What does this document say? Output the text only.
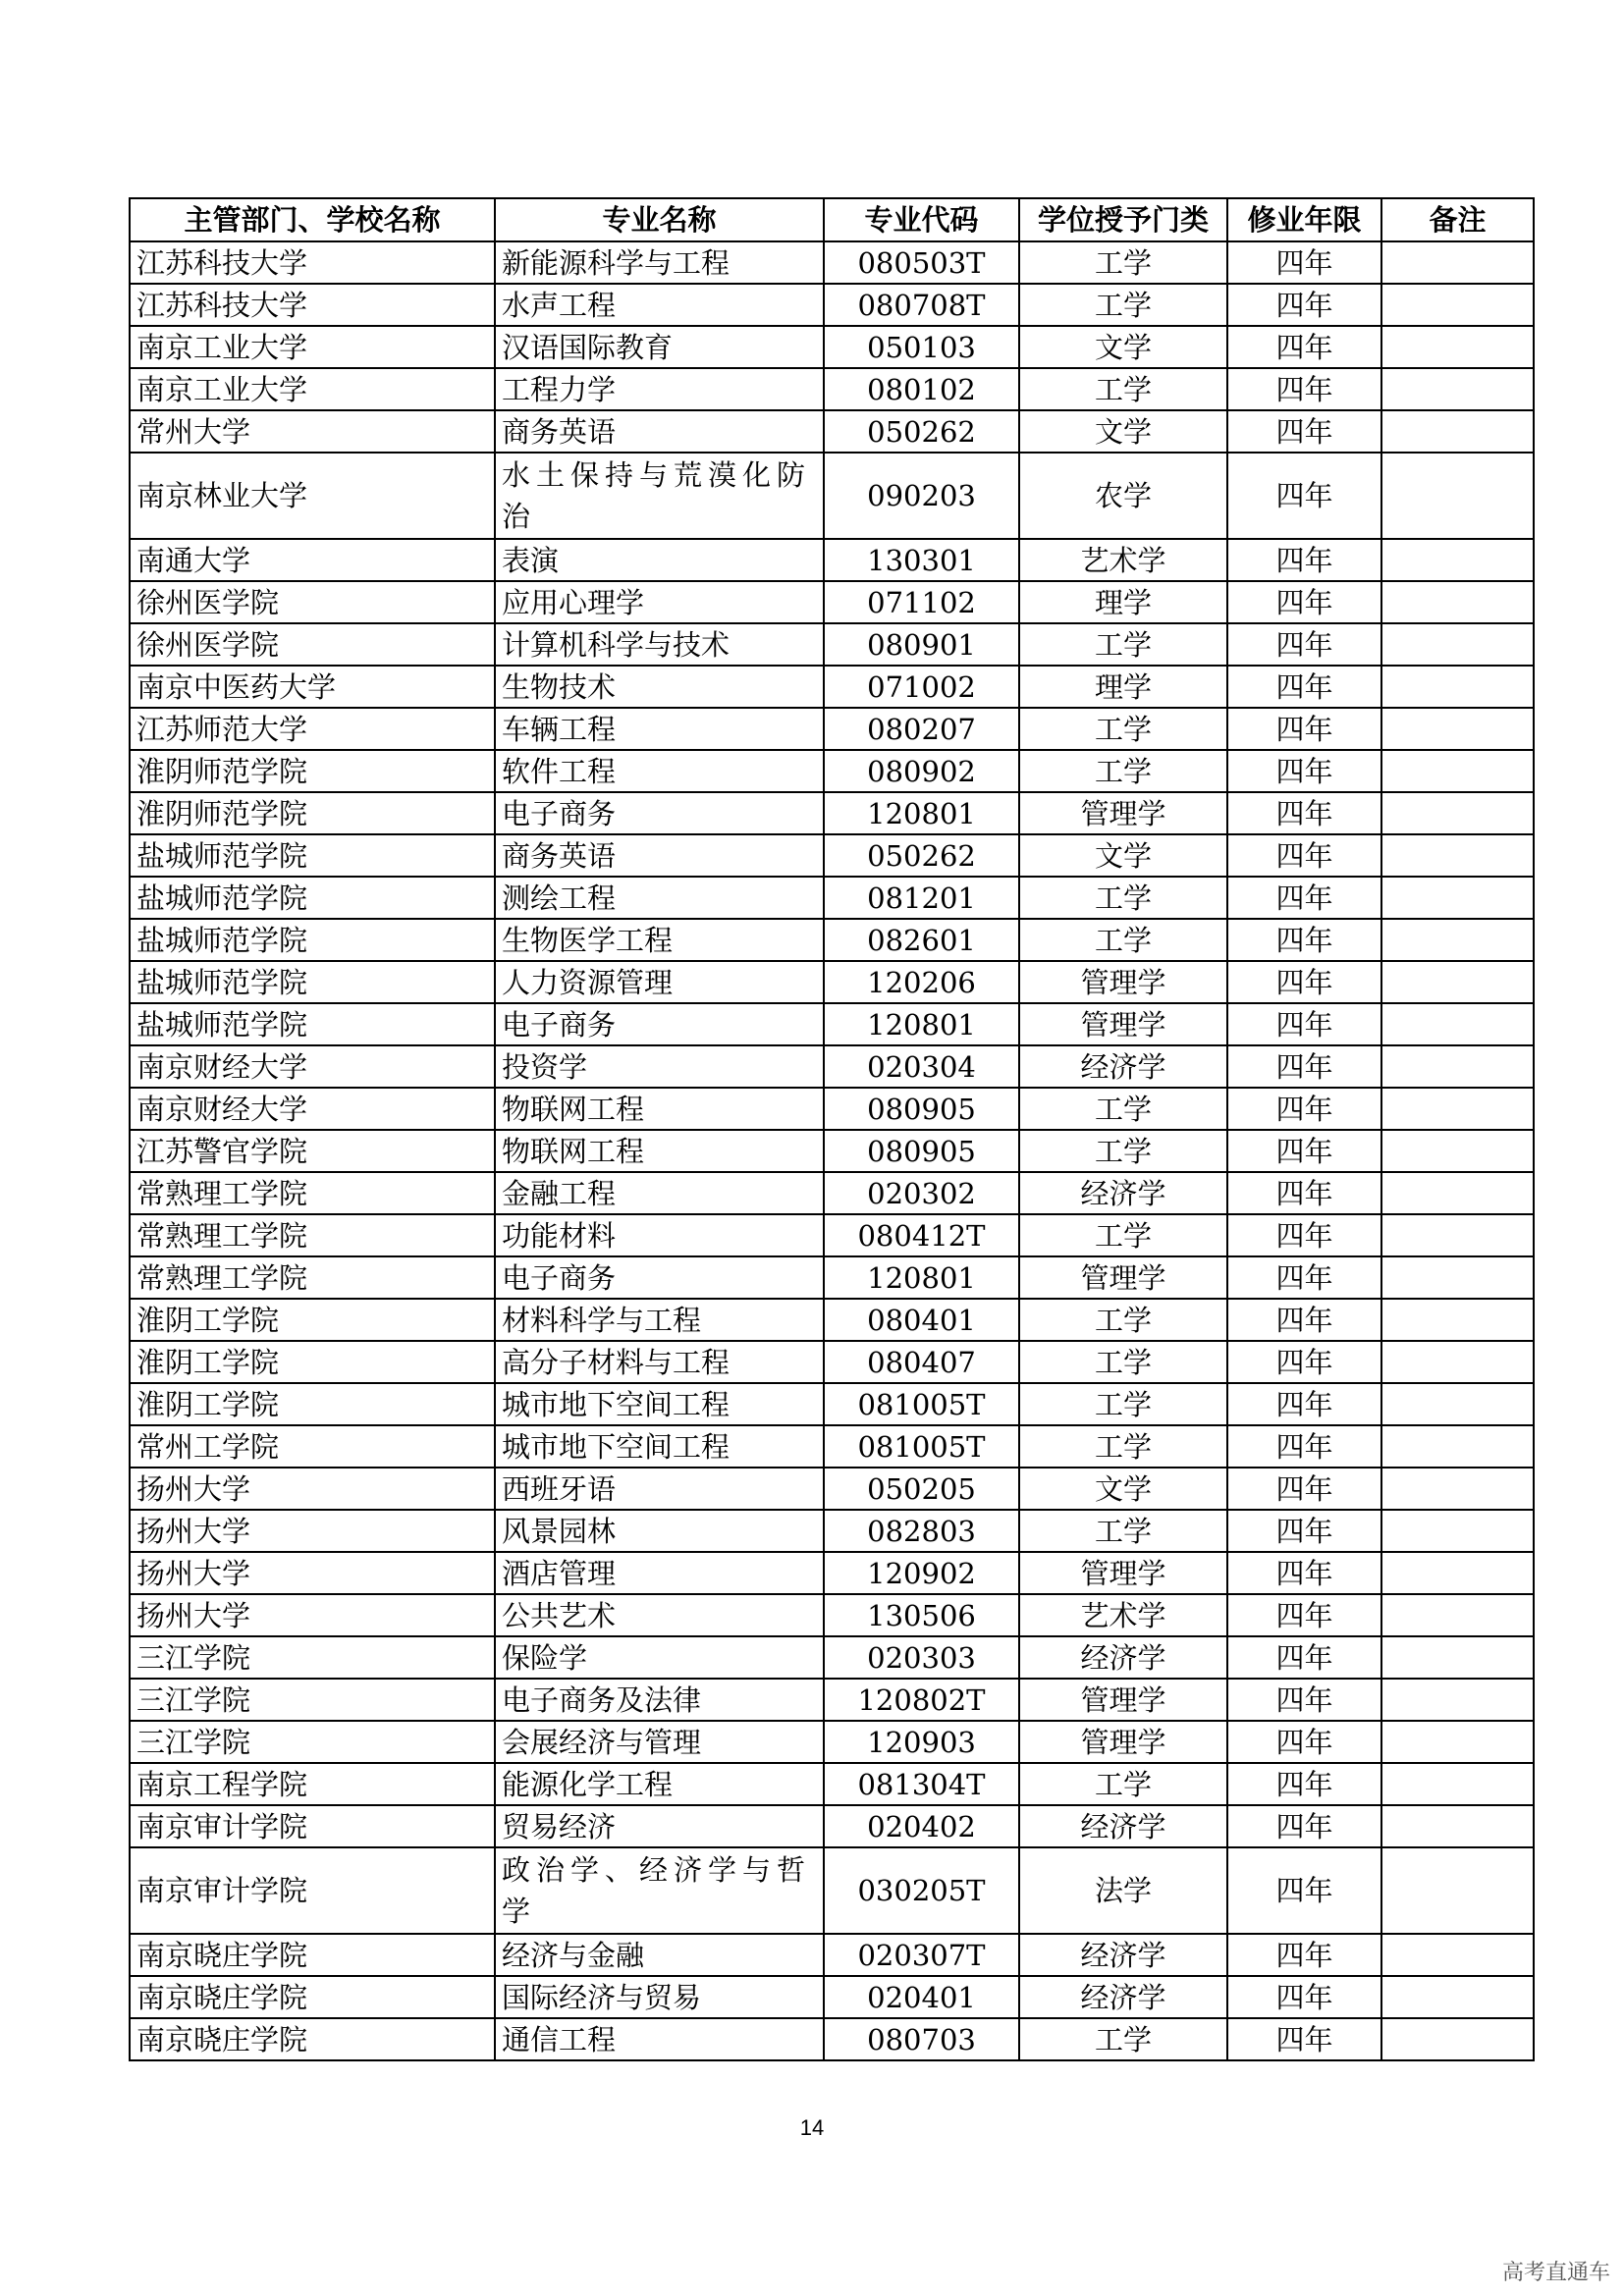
主管部门、学校名称	专业名称	专业代码	学位授予门类	修业年限	备注
江苏科技大学	新能源科学与工程	080503T	工学	四年	
江苏科技大学	水声工程	080708T	工学	四年	
南京工业大学	汉语国际教育	050103	文学	四年	
南京工业大学	工程力学	080102	工学	四年	
常州大学	商务英语	050262	文学	四年	
南京林业大学	水土保持与荒漠化防治	090203	农学	四年	
南通大学	表演	130301	艺术学	四年	
徐州医学院	应用心理学	071102	理学	四年	
徐州医学院	计算机科学与技术	080901	工学	四年	
南京中医药大学	生物技术	071002	理学	四年	
江苏师范大学	车辆工程	080207	工学	四年	
淮阴师范学院	软件工程	080902	工学	四年	
淮阴师范学院	电子商务	120801	管理学	四年	
盐城师范学院	商务英语	050262	文学	四年	
盐城师范学院	测绘工程	081201	工学	四年	
盐城师范学院	生物医学工程	082601	工学	四年	
盐城师范学院	人力资源管理	120206	管理学	四年	
盐城师范学院	电子商务	120801	管理学	四年	
南京财经大学	投资学	020304	经济学	四年	
南京财经大学	物联网工程	080905	工学	四年	
江苏警官学院	物联网工程	080905	工学	四年	
常熟理工学院	金融工程	020302	经济学	四年	
常熟理工学院	功能材料	080412T	工学	四年	
常熟理工学院	电子商务	120801	管理学	四年	
淮阴工学院	材料科学与工程	080401	工学	四年	
淮阴工学院	高分子材料与工程	080407	工学	四年	
淮阴工学院	城市地下空间工程	081005T	工学	四年	
常州工学院	城市地下空间工程	081005T	工学	四年	
扬州大学	西班牙语	050205	文学	四年	
扬州大学	风景园林	082803	工学	四年	
扬州大学	酒店管理	120902	管理学	四年	
扬州大学	公共艺术	130506	艺术学	四年	
三江学院	保险学	020303	经济学	四年	
三江学院	电子商务及法律	120802T	管理学	四年	
三江学院	会展经济与管理	120903	管理学	四年	
南京工程学院	能源化学工程	081304T	工学	四年	
南京审计学院	贸易经济	020402	经济学	四年	
南京审计学院	政治学、经济学与哲学	030205T	法学	四年	
南京晓庄学院	经济与金融	020307T	经济学	四年	
南京晓庄学院	国际经济与贸易	020401	经济学	四年	
南京晓庄学院	通信工程	080703	工学	四年	
14
高考直通车
